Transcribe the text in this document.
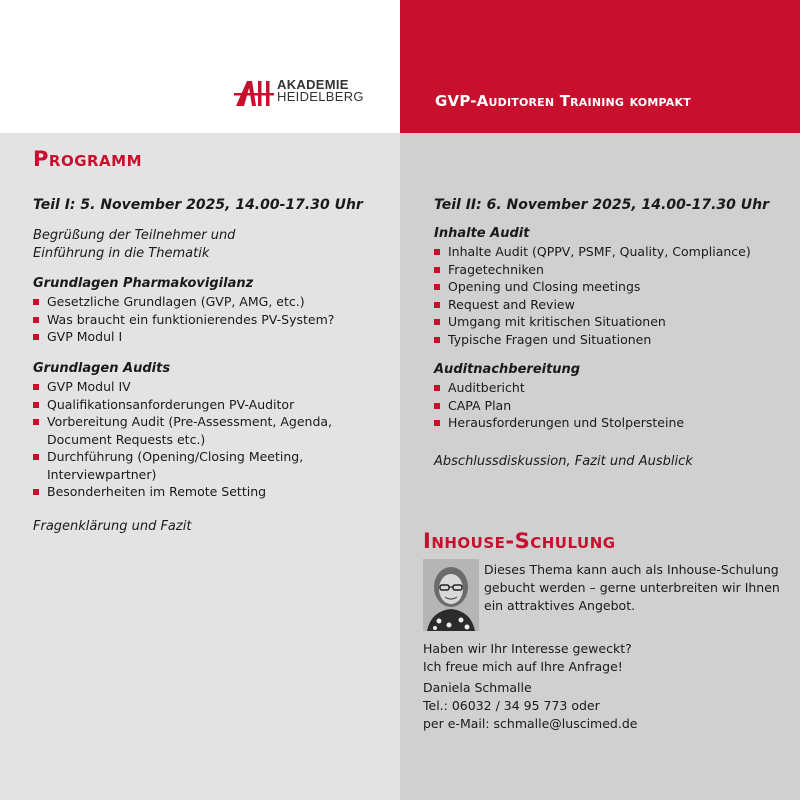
AKADEMIE
HEIDELBERG	GVP-Auditoren Training kompakt
Programm
Teil I: 5. November 2025, 14.00-17.30 Uhr
Begrüßung der Teilnehmer und
Einführung in die Thematik
Grundlagen Pharmakovigilanz
Gesetzliche Grundlagen (GVP, AMG, etc.)
Was braucht ein funktionierendes PV-System?
GVP Modul I
Grundlagen Audits
GVP Modul IV
Qualifikationsanforderungen PV-Auditor
Vorbereitung Audit (Pre-Assessment, Agenda,
Document Requests etc.)
Durchführung (Opening/Closing Meeting,
Interviewpartner)
Besonderheiten im Remote Setting
Fragenklärung und Fazit
Teil II: 6. November 2025, 14.00-17.30 Uhr
Inhalte Audit
Inhalte Audit (QPPV, PSMF, Quality, Compliance)
Fragetechniken
Opening und Closing meetings
Request and Review
Umgang mit kritischen Situationen
Typische Fragen und Situationen
Auditnachbereitung
Auditbericht
CAPA Plan
Herausforderungen und Stolpersteine
Abschlussdiskussion, Fazit und Ausblick
Inhouse-Schulung
Dieses Thema kann auch als Inhouse-Schulung
gebucht werden – gerne unterbreiten wir Ihnen
ein attraktives Angebot.
Haben wir Ihr Interesse geweckt?
Ich freue mich auf Ihre Anfrage!
Daniela Schmalle
Tel.: 06032 / 34 95 773 oder
per e-Mail: schmalle@luscimed.de
